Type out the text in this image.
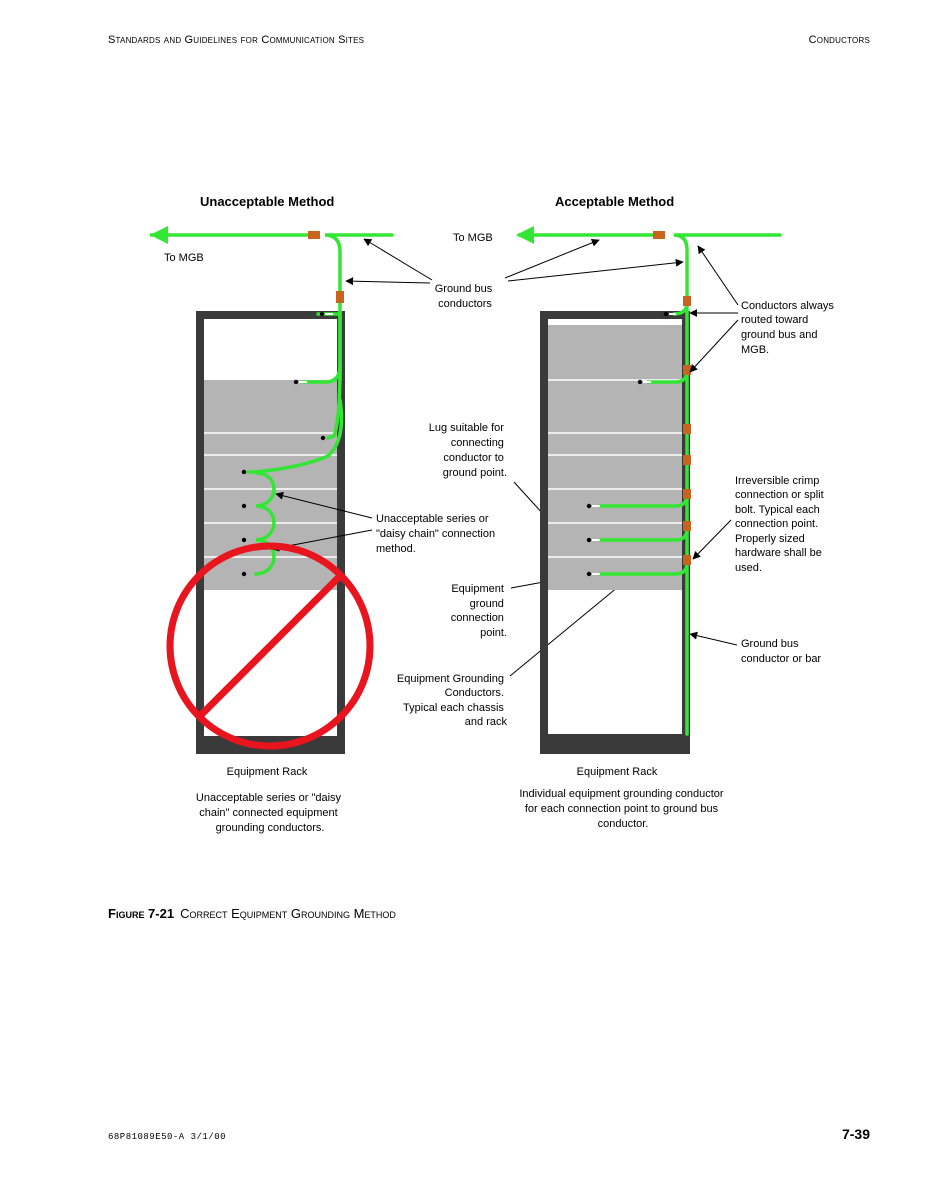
Standards and Guidelines for Communication Sites	Conductors
Unacceptable Method
To MGB
Unacceptable series or "daisy chain" connection method.
Equipment Rack
Unacceptable series or "daisy chain" connected equipment grounding conductors.
To MGB
Ground bus conductors
Lug suitable for connecting conductor to ground point.
Equipment ground connection point.
Equipment Grounding Conductors. Typical each chassis and rack
Acceptable Method
Conductors always routed toward ground bus and MGB.
Irreversible crimp connection or split bolt. Typical each connection point. Properly sized hardware shall be used.
Ground bus conductor or bar
Equipment Rack
Individual equipment grounding conductor for each connection point to ground bus conductor.
Figure 7-21 Correct Equipment Grounding Method
68P81089E50-A 3/1/00	7-39
